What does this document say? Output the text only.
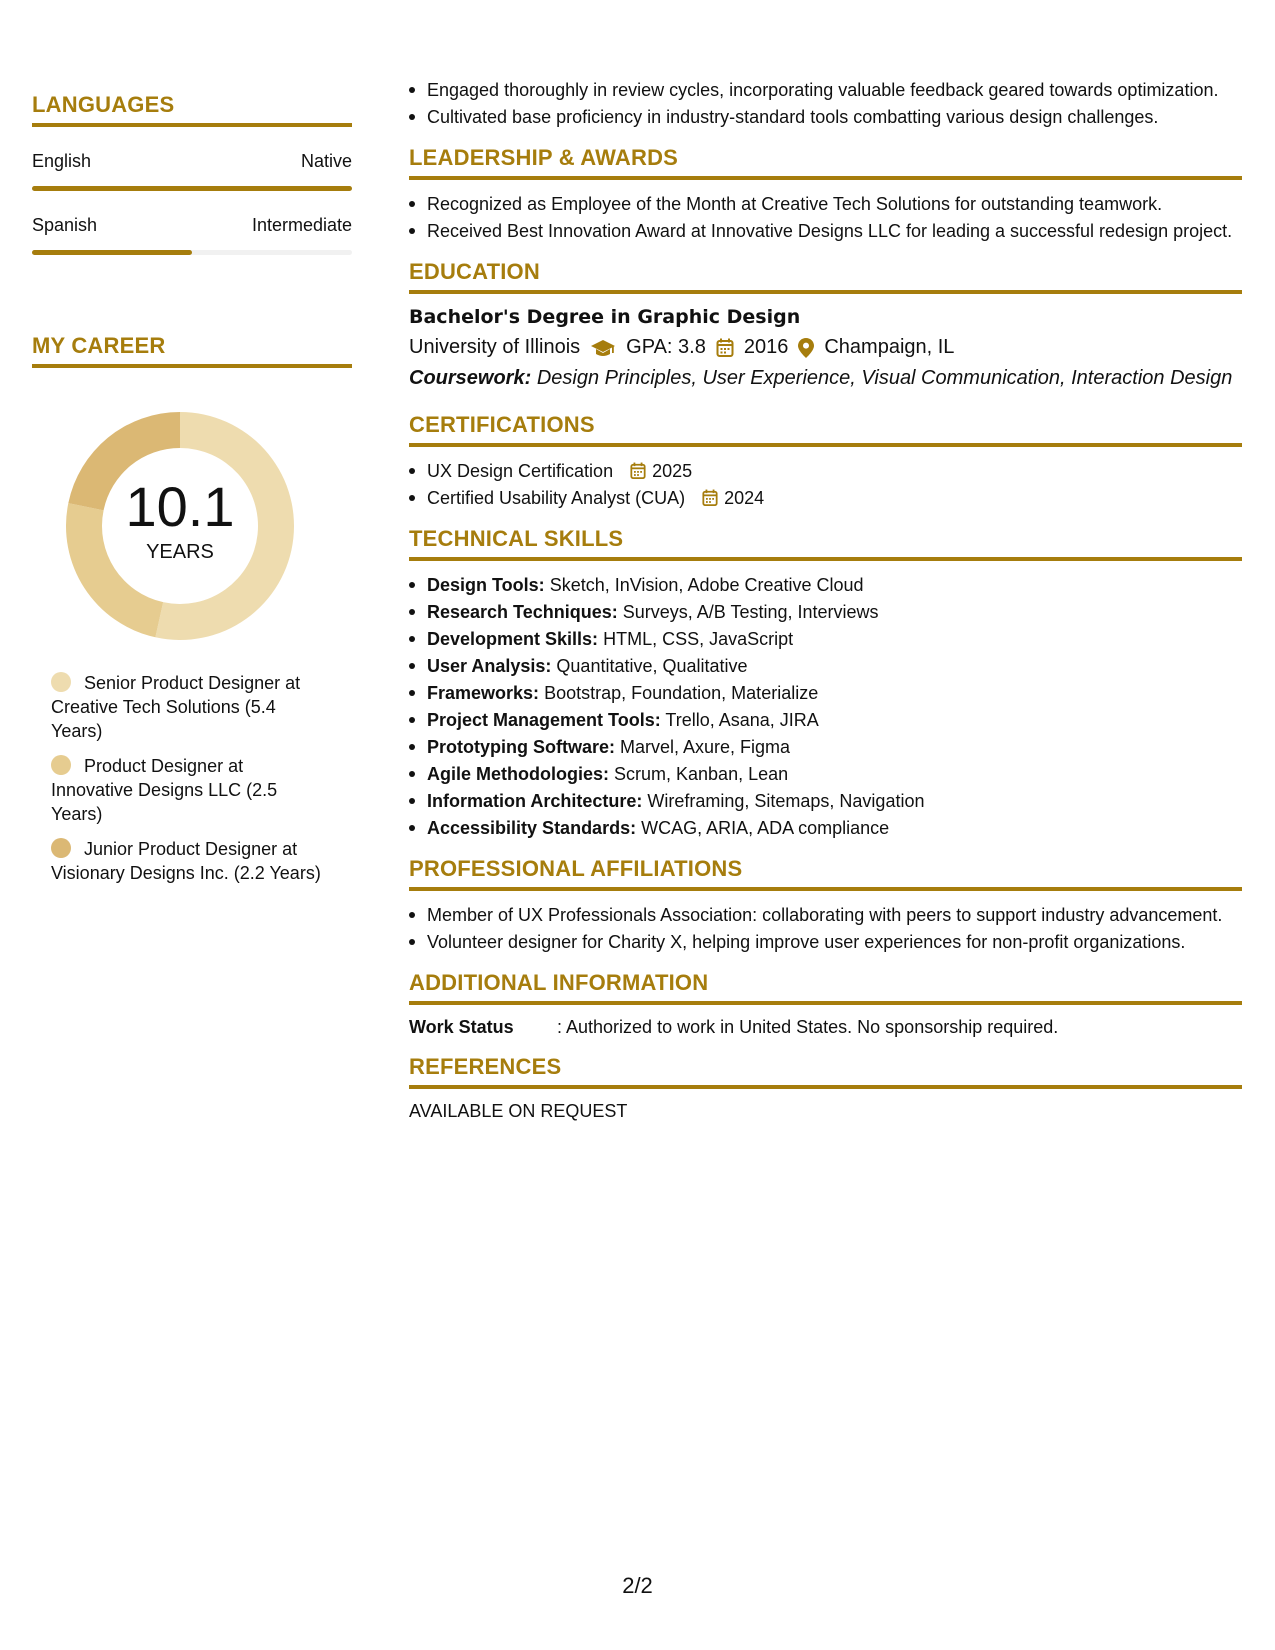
LANGUAGES
English	Native
Spanish	Intermediate
MY CAREER
10.1
YEARS
Senior Product Designer at Creative Tech Solutions (5.4 Years)
Product Designer at Innovative Designs LLC (2.5 Years)
Junior Product Designer at Visionary Designs Inc. (2.2 Years)
Engaged thoroughly in review cycles, incorporating valuable feedback geared towards optimization.
Cultivated base proficiency in industry-standard tools combatting various design challenges.
LEADERSHIP & AWARDS
Recognized as Employee of the Month at Creative Tech Solutions for outstanding teamwork.
Received Best Innovation Award at Innovative Designs LLC for leading a successful redesign project.
EDUCATION
Bachelor's Degree in Graphic Design
University of Illinois GPA: 3.8 2016 Champaign, IL
Coursework: Design Principles, User Experience, Visual Communication, Interaction Design
CERTIFICATIONS
UX Design Certification
2025
Certified Usability Analyst (CUA)
2024
TECHNICAL SKILLS
Design Tools: Sketch, InVision, Adobe Creative Cloud
Research Techniques: Surveys, A/B Testing, Interviews
Development Skills: HTML, CSS, JavaScript
User Analysis: Quantitative, Qualitative
Frameworks: Bootstrap, Foundation, Materialize
Project Management Tools: Trello, Asana, JIRA
Prototyping Software: Marvel, Axure, Figma
Agile Methodologies: Scrum, Kanban, Lean
Information Architecture: Wireframing, Sitemaps, Navigation
Accessibility Standards: WCAG, ARIA, ADA compliance
PROFESSIONAL AFFILIATIONS
Member of UX Professionals Association: collaborating with peers to support industry advancement.
Volunteer designer for Charity X, helping improve user experiences for non-profit organizations.
ADDITIONAL INFORMATION
Work Status	: Authorized to work in United States. No sponsorship required.
REFERENCES
AVAILABLE ON REQUEST
2/2
